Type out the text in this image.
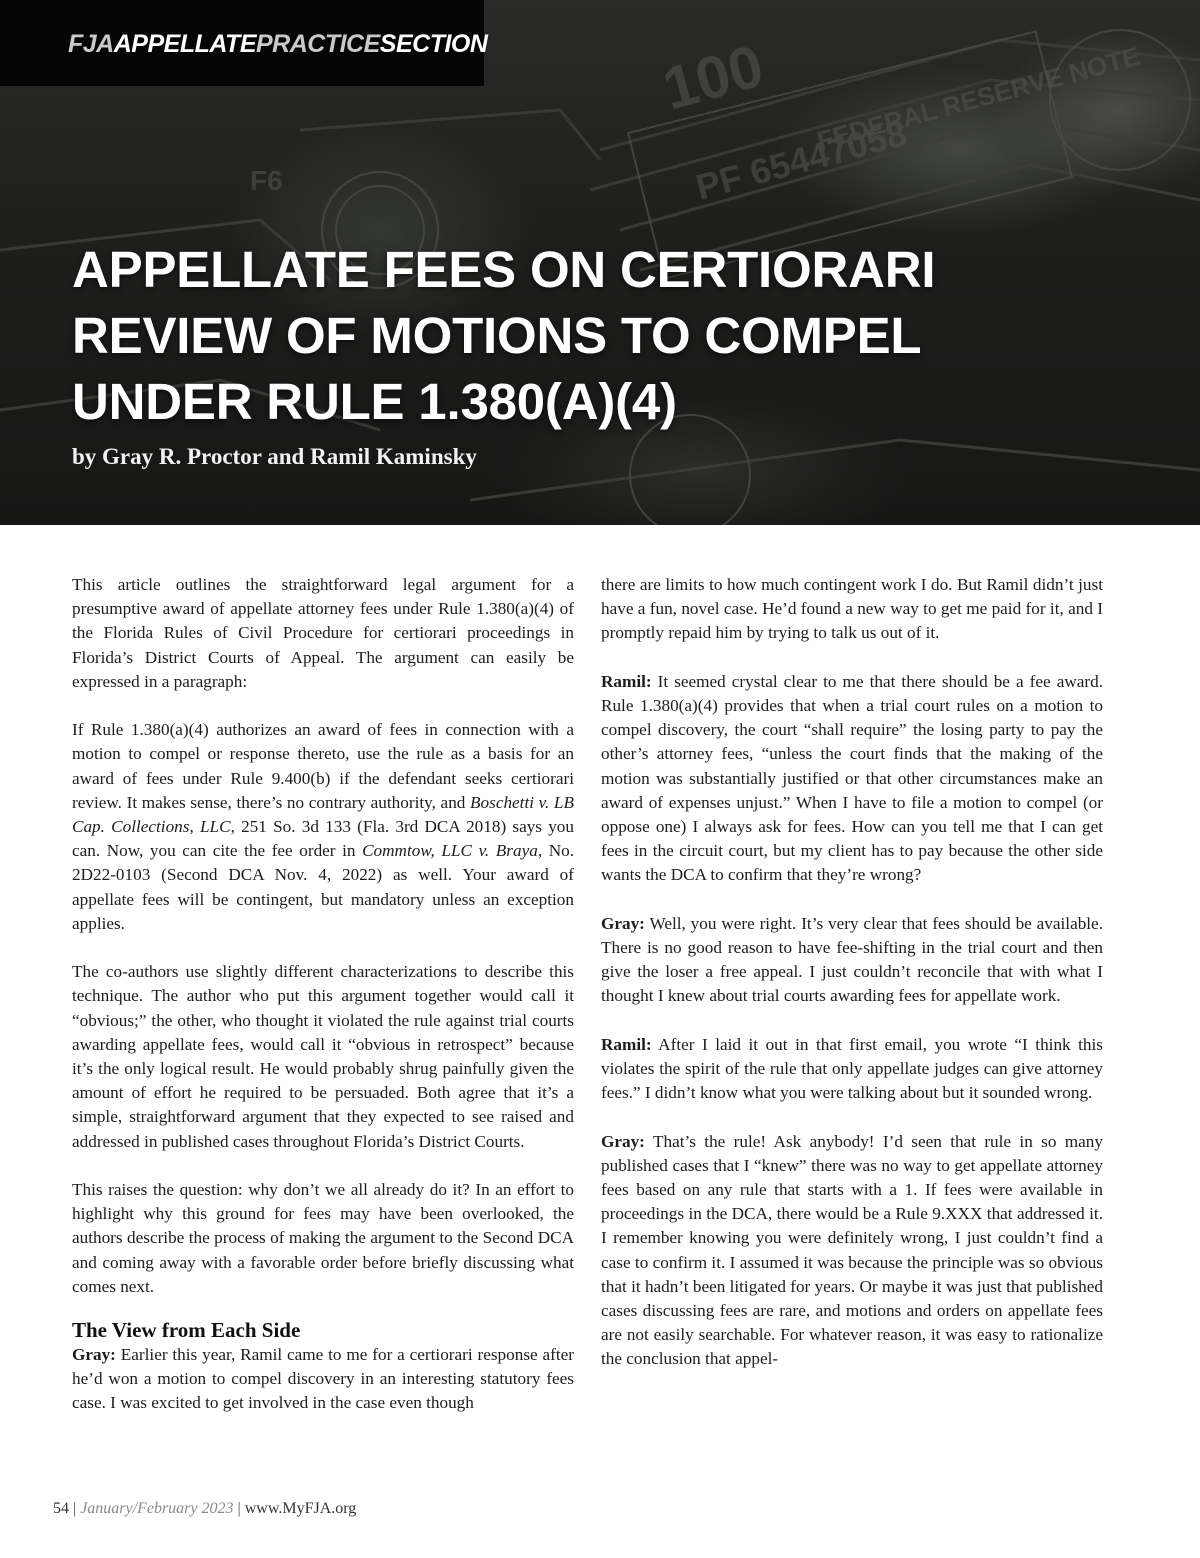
FEDERAL RESERVE NOTE
PF 65447058
F6
100
FJAAPPELLATEPRACTICESECTION
APPELLATE FEES ON CERTIORARI
REVIEW OF MOTIONS TO COMPEL
UNDER RULE 1.380(A)(4)
by Gray R. Proctor and Ramil Kaminsky

This article outlines the straightforward legal argument for a presumptive award of appellate attorney fees under Rule 1.380(a)(4) of the Florida Rules of Civil Procedure for certiorari proceedings in Florida’s District Courts of Appeal. The argument can easily be expressed in a paragraph:

If Rule 1.380(a)(4) authorizes an award of fees in connection with a motion to compel or response thereto, use the rule as a basis for an award of fees under Rule 9.400(b) if the defendant seeks certiorari review. It makes sense, there’s no contrary authority, and Boschetti v. LB Cap. Collections, LLC, 251 So. 3d 133 (Fla. 3rd DCA 2018) says you can. Now, you can cite the fee order in Commtow, LLC v. Braya, No. 2D22-0103 (Second DCA Nov. 4, 2022) as well. Your award of appellate fees will be contingent, but mandatory unless an exception applies.

The co-authors use slightly different characterizations to describe this technique. The author who put this argument together would call it “obvious;” the other, who thought it violated the rule against trial courts awarding appellate fees, would call it “obvious in retrospect” because it’s the only logical result. He would probably shrug painfully given the amount of effort he required to be persuaded. Both agree that it’s a simple, straightforward argument that they expected to see raised and addressed in published cases throughout Florida’s District Courts.

This raises the question: why don’t we all already do it? In an effort to highlight why this ground for fees may have been overlooked, the authors describe the process of making the argument to the Second DCA and coming away with a favorable order before briefly discussing what comes next.

The View from Each Side

Gray: Earlier this year, Ramil came to me for a certiorari response after he’d won a motion to compel discovery in an interesting statutory fees case. I was excited to get involved in the case even though

there are limits to how much contingent work I do. But Ramil didn’t just have a fun, novel case. He’d found a new way to get me paid for it, and I promptly repaid him by trying to talk us out of it.

Ramil: It seemed crystal clear to me that there should be a fee award. Rule 1.380(a)(4) provides that when a trial court rules on a motion to compel discovery, the court “shall require” the losing party to pay the other’s attorney fees, “unless the court finds that the making of the motion was substantially justified or that other circumstances make an award of expenses unjust.” When I have to file a motion to compel (or oppose one) I always ask for fees. How can you tell me that I can get fees in the circuit court, but my client has to pay because the other side wants the DCA to confirm that they’re wrong?

Gray: Well, you were right. It’s very clear that fees should be available. There is no good reason to have fee-shifting in the trial court and then give the loser a free appeal. I just couldn’t reconcile that with what I thought I knew about trial courts awarding fees for appellate work.

Ramil: After I laid it out in that first email, you wrote “I think this violates the spirit of the rule that only appellate judges can give attorney fees.” I didn’t know what you were talking about but it sounded wrong.

Gray: That’s the rule! Ask anybody! I’d seen that rule in so many published cases that I “knew” there was no way to get appellate attorney fees based on any rule that starts with a 1. If fees were available in proceedings in the DCA, there would be a Rule 9.XXX that addressed it. I remember knowing you were definitely wrong, I just couldn’t find a case to confirm it. I assumed it was because the principle was so obvious that it hadn’t been litigated for years. Or maybe it was just that published cases discussing fees are rare, and motions and orders on appellate fees are not easily searchable. For whatever reason, it was easy to rationalize the conclusion that appel-

54 | January/February 2023 | www.MyFJA.org
